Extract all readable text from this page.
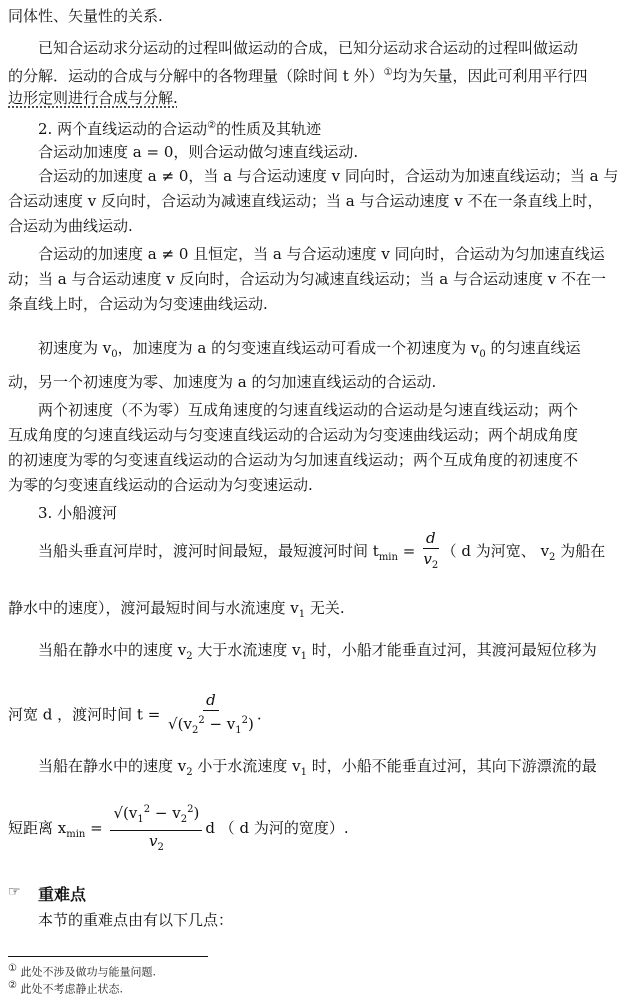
同体性、矢量性的关系.
已知合运动求分运动的过程叫做运动的合成，已知分运动求合运动的过程叫做运动
的分解．运动的合成与分解中的各物理量（除时间 t 外）①均为矢量，因此可利用平行四
边形定则进行合成与分解.
2. 两个直线运动的合运动②的性质及其轨迹
合运动加速度 a = 0，则合运动做匀速直线运动.
合运动的加速度 a ≠ 0，当 a 与合运动速度 v 同向时，合运动为加速直线运动；当 a 与
合运动速度 v 反向时，合运动为减速直线运动；当 a 与合运动速度 v 不在一条直线上时，
合运动为曲线运动.
合运动的加速度 a ≠ 0 且恒定，当 a 与合运动速度 v 同向时，合运动为匀加速直线运
动；当 a 与合运动速度 v 反向时，合运动为匀减速直线运动；当 a 与合运动速度 v 不在一
条直线上时，合运动为匀变速曲线运动.
初速度为 $v_0$，加速度为 a 的匀变速直线运动可看成一个初速度为 $v_0$ 的匀速直线运
动，另一个初速度为零、加速度为 a 的匀加速直线运动的合运动.
两个初速度（不为零）互成角速度的匀速直线运动的合运动是匀速直线运动；两个
互成角度的匀速直线运动与匀变速直线运动的合运动为匀变速曲线运动；两个胡成角度
的初速度为零的匀变速直线运动的合运动为匀加速直线运动；两个互成角度的初速度不
为零的匀变速直线运动的合运动为匀变速运动.
3. 小船渡河
当船头垂直河岸时，渡河时间最短，最短渡河时间 $t_{min} = \frac{d}{v_2}$ （ d 为河宽、 $v_2$ 为船在
静水中的速度），渡河最短时间与水流速度 $v_1$ 无关.
当船在静水中的速度 $v_2$ 大于水流速度 $v_1$ 时，小船才能垂直过河，其渡河最短位移为
河宽 d ，渡河时间 $t = \frac{d}{√(v_2^2 - v_1^2)}$ .
当船在静水中的速度 $v_2$ 小于水流速度 $v_1$ 时，小船不能垂直过河，其向下游漂流的最
短距离 $x_{min} = \frac{√(v_1^2 - v_2^2)}{v_2}$ d （ d 为河的宽度）.
☞ 重难点
本节的重难点由有以下几点：
① 此处不涉及做功与能量问题.
② 此处不考虑静止状态.
